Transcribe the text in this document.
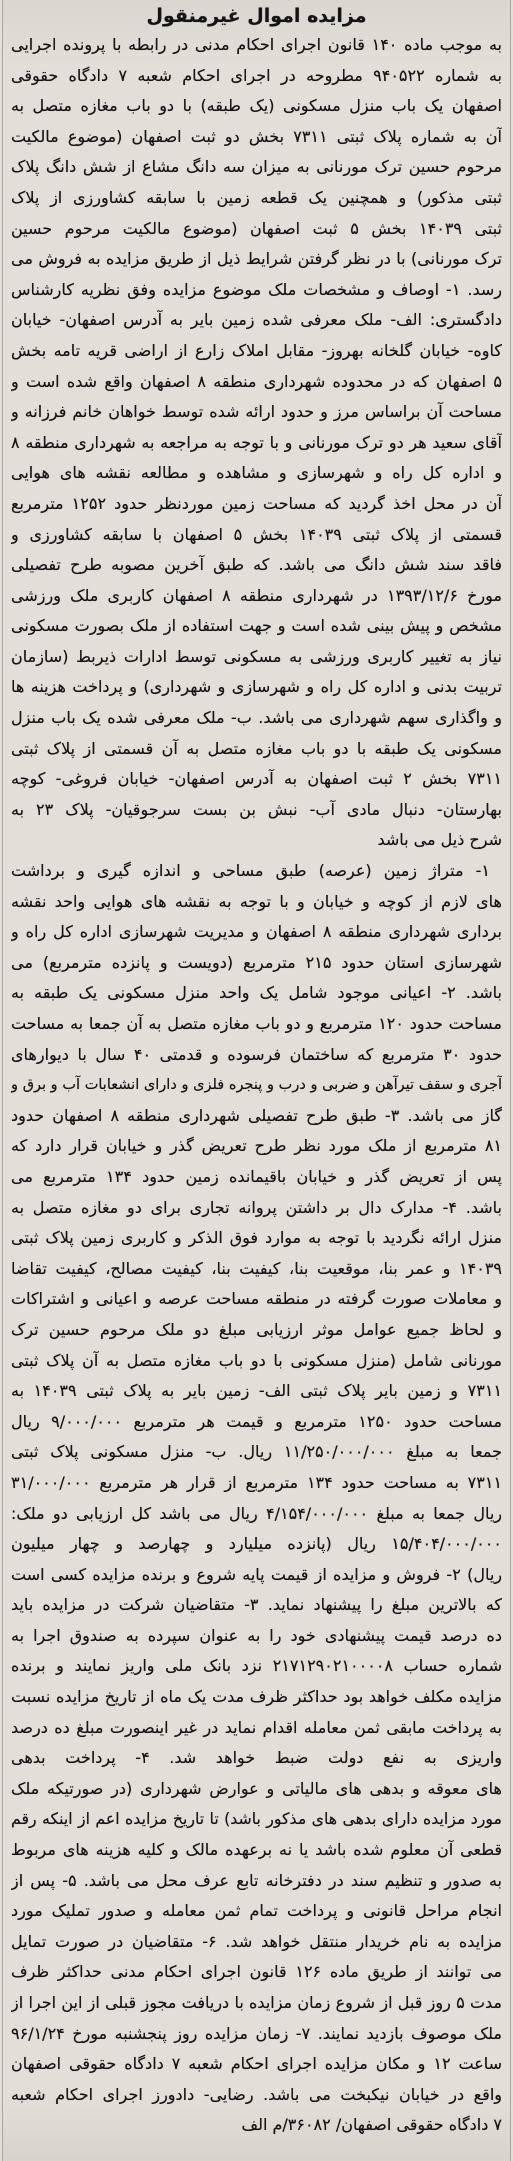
مزایده اموال غیرمنقول
به موجب ماده ۱۴۰ قانون اجرای احکام مدنی در رابطه با پرونده اجرایی
به شماره ۹۴۰۵۲۲ مطروحه در اجرای احکام شعبه ۷ دادگاه حقوقی
اصفهان یک باب منزل مسکونی (یک طبقه) با دو باب مغازه متصل به
آن به شماره پلاک ثبتی ۷۳۱۱ بخش دو ثبت اصفهان (موضوع مالکیت
مرحوم حسین ترک مورنانی به میزان سه دانگ مشاع از شش دانگ پلاک
ثبتی مذکور) و همچنین یک قطعه زمین با سابقه کشاورزی از پلاک
ثبتی ۱۴۰۳۹ بخش ۵ ثبت اصفهان (موضوع مالکیت مرحوم حسین
ترک مورنانی) با در نظر گرفتن شرایط ذیل از طریق مزایده به فروش می
رسد. ۱- اوصاف و مشخصات ملک موضوع مزایده وفق نظریه کارشناس
دادگستری: الف- ملک معرفی شده زمین بایر به آدرس اصفهان- خیابان
کاوه- خیابان گلخانه بهروز- مقابل املاک زارع از اراضی قریه تامه بخش
۵ اصفهان که در محدوده شهرداری منطقه ۸ اصفهان واقع شده است و
مساحت آن براساس مرز و حدود ارائه شده توسط خواهان خانم فرزانه و
آقای سعید هر دو ترک مورنانی و با توجه به مراجعه به شهرداری منطقه ۸
و اداره کل راه و شهرسازی و مشاهده و مطالعه نقشه های هوایی
آن در محل اخذ گردید که مساحت زمین موردنظر حدود ۱۲۵۲ مترمربع
قسمتی از پلاک ثبتی ۱۴۰۳۹ بخش ۵ اصفهان با سابقه کشاورزی و
فاقد سند شش دانگ می باشد. که طبق آخرین مصوبه طرح تفصیلی
مورخ ۱۳۹۳/۱۲/۶ در شهرداری منطقه ۸ اصفهان کاربری ملک ورزشی
مشخص و پیش بینی شده است و جهت استفاده از ملک بصورت مسکونی
نیاز به تغییر کاربری ورزشی به مسکونی توسط ادارات ذیربط (سازمان
تربیت بدنی و اداره کل راه و شهرسازی و شهرداری) و پرداخت هزینه ها
و واگذاری سهم شهرداری می باشد. ب- ملک معرفی شده یک باب منزل
مسکونی یک طبقه با دو باب مغازه متصل به آن قسمتی از پلاک ثبتی
۷۳۱۱ بخش ۲ ثبت اصفهان به آدرس اصفهان- خیابان فروغی- کوچه
بهارستان- دنبال مادی آب- نبش بن بست سرجوقیان- پلاک ۲۳ به
شرح ذیل می باشد
۱- متراژ زمین (عرصه) طبق مساحی و اندازه گیری و برداشت
های لازم از کوچه و خیابان و با توجه به نقشه های هوایی واحد نقشه
برداری شهرداری منطقه ۸ اصفهان و مدیریت شهرسازی اداره کل راه و
شهرسازی استان حدود ۲۱۵ مترمربع (دویست و پانزده مترمربع) می
باشد. ۲- اعیانی موجود شامل یک واحد منزل مسکونی یک طبقه به
مساحت حدود ۱۲۰ مترمربع و دو باب مغازه متصل به آن جمعا به مساحت
حدود ۳۰ مترمربع که ساختمان فرسوده و قدمتی ۴۰ سال با دیوارهای
آجری و سقف تیرآهن و ضربی و درب و پنجره فلزی و دارای انشعابات آب و برق و
گاز می باشد. ۳- طبق طرح تفصیلی شهرداری منطقه ۸ اصفهان حدود
۸۱ مترمربع از ملک مورد نظر طرح تعریض گذر و خیابان قرار دارد که
پس از تعریض گذر و خیابان باقیمانده زمین حدود ۱۳۴ مترمربع می
باشد. ۴- مدارک دال بر داشتن پروانه تجاری برای دو مغازه متصل به
منزل ارائه نگردید با توجه به موارد فوق الذکر و کاربری زمین پلاک ثبتی
۱۴۰۳۹ و عمر بنا، موقعیت بنا، کیفیت بنا، کیفیت مصالح، کیفیت تقاضا
و معاملات صورت گرفته در منطقه مساحت عرصه و اعیانی و اشتراکات
و لحاظ جمیع عوامل موثر ارزیابی مبلغ دو ملک مرحوم حسین ترک
مورنانی شامل (منزل مسکونی با دو باب مغازه متصل به آن پلاک ثبتی
۷۳۱۱ و زمین بایر پلاک ثبتی الف- زمین بایر به پلاک ثبتی ۱۴۰۳۹ به
مساحت حدود ۱۲۵۰ مترمربع و قیمت هر مترمربع ۹/۰۰۰/۰۰۰ ریال
جمعا به مبلغ ۱۱/۲۵۰/۰۰۰/۰۰۰ ریال. ب- منزل مسکونی پلاک ثبتی
۷۳۱۱ به مساحت حدود ۱۳۴ مترمربع از قرار هر مترمربع ۳۱/۰۰۰/۰۰۰
ریال جمعا به مبلغ ۴/۱۵۴/۰۰۰/۰۰۰ ریال می باشد کل ارزیابی دو ملک:
۱۵/۴۰۴/۰۰۰/۰۰۰ ریال (پانزده میلیارد و چهارصد و چهار میلیون
ریال) ۲- فروش و مزایده از قیمت پایه شروع و برنده مزایده کسی است
که بالاترین مبلغ را پیشنهاد نماید. ۳- متقاضیان شرکت در مزایده باید
ده درصد قیمت پیشنهادی خود را به عنوان سپرده به صندوق اجرا به
شماره حساب ۲۱۷۱۲۹۰۲۱۰۰۰۰۸ نزد بانک ملی واریز نمایند و برنده
مزایده مکلف خواهد بود حداکثر ظرف مدت یک ماه از تاریخ مزایده نسبت
به پرداخت مابقی ثمن معامله اقدام نماید در غیر اینصورت مبلغ ده درصد
واریزی به نفع دولت ضبط خواهد شد. ۴- پرداخت بدهی
های معوقه و بدهی های مالیاتی و عوارض شهرداری (در صورتیکه ملک
مورد مزایده دارای بدهی های مذکور باشد) تا تاریخ مزایده اعم از اینکه رقم
قطعی آن معلوم شده باشد یا نه برعهده مالک و کلیه هزینه های مربوط
به صدور و تنظیم سند در دفترخانه تابع عرف محل می باشد. ۵- پس از
انجام مراحل قانونی و پرداخت تمام ثمن معامله و صدور تملیک مورد
مزایده به نام خریدار منتقل خواهد شد. ۶- متقاضیان در صورت تمایل
می توانند از طریق ماده ۱۲۶ قانون اجرای احکام مدنی حداکثر ظرف
مدت ۵ روز قبل از شروع زمان مزایده با دریافت مجوز قبلی از این اجرا از
ملک موصوف بازدید نمایند. ۷- زمان مزایده روز پنجشنبه مورخ ۹۶/۱/۲۴
ساعت ۱۲ و مکان مزایده اجرای احکام شعبه ۷ دادگاه حقوقی اصفهان
واقع در خیابان نیکبخت می باشد. رضایی- دادورز اجرای احکام شعبه
۷ دادگاه حقوقی اصفهان/ ۳۶۰۸۲/م الف
